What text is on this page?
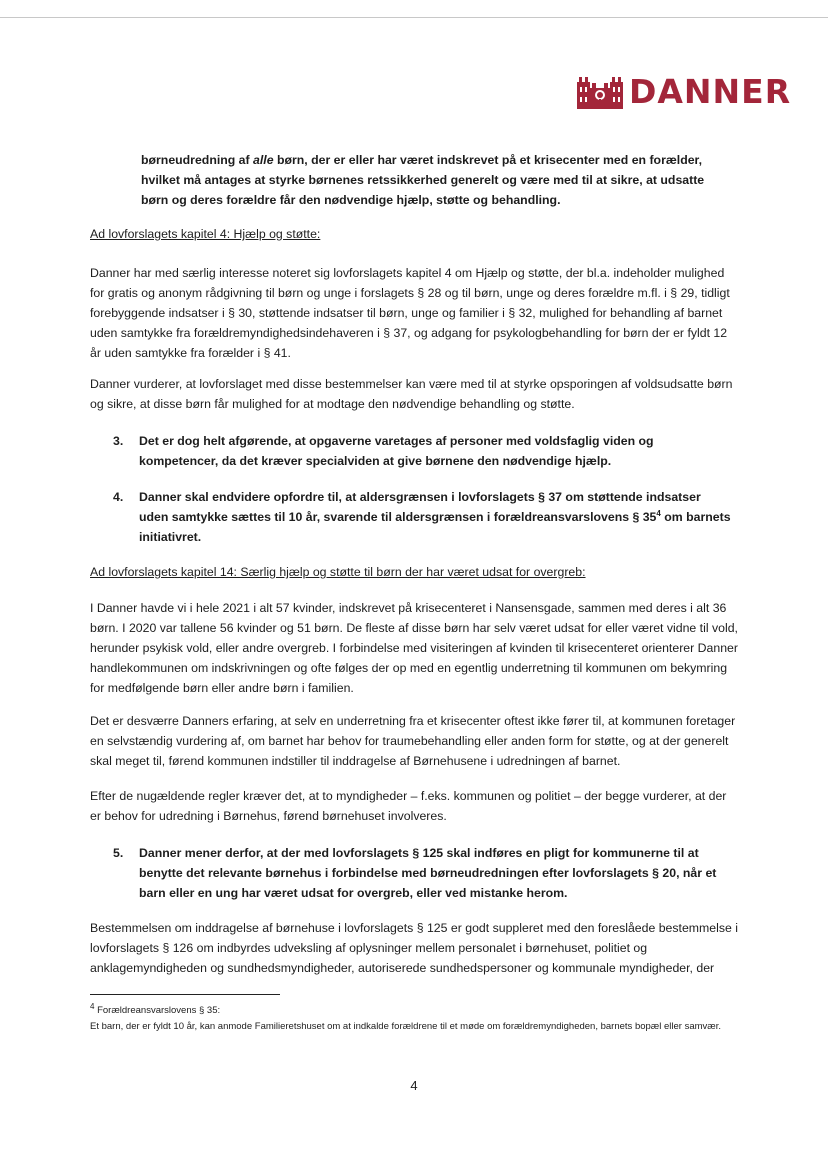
DANNER

børneudredning af alle børn, der er eller har været indskrevet på et krisecenter med en forælder, hvilket må antages at styrke børnenes retssikkerhed generelt og være med til at sikre, at udsatte børn og deres forældre får den nødvendige hjælp, støtte og behandling.

Ad lovforslagets kapitel 4: Hjælp og støtte:

Danner har med særlig interesse noteret sig lovforslagets kapitel 4 om Hjælp og støtte, der bl.a. indeholder mulighed for gratis og anonym rådgivning til børn og unge i forslagets § 28 og til børn, unge og deres forældre m.fl. i § 29, tidligt forebyggende indsatser i § 30, støttende indsatser til børn, unge og familier i § 32, mulighed for behandling af barnet uden samtykke fra forældremyndighedsindehaveren i § 37, og adgang for psykologbehandling for børn der er fyldt 12 år uden samtykke fra forælder i § 41.

Danner vurderer, at lovforslaget med disse bestemmelser kan være med til at styrke opsporingen af voldsudsatte børn og sikre, at disse børn får mulighed for at modtage den nødvendige behandling og støtte.

3.	Det er dog helt afgørende, at opgaverne varetages af personer med voldsfaglig viden og kompetencer, da det kræver specialviden at give børnene den nødvendige hjælp.
4.	Danner skal endvidere opfordre til, at aldersgrænsen i lovforslagets § 37 om støttende indsatser uden samtykke sættes til 10 år, svarende til aldersgrænsen i forældreansvarslovens § $35^4$ om barnets initiativret.

Ad lovforslagets kapitel 14: Særlig hjælp og støtte til børn der har været udsat for overgreb:

I Danner havde vi i hele 2021 i alt 57 kvinder, indskrevet på krisecenteret i Nansensgade, sammen med deres i alt 36 børn. I 2020 var tallene 56 kvinder og 51 børn. De fleste af disse børn har selv været udsat for eller været vidne til vold, herunder psykisk vold, eller andre overgreb. I forbindelse med visiteringen af kvinden til krisecenteret orienterer Danner handlekommunen om indskrivningen og ofte følges der op med en egentlig underretning til kommunen om bekymring for medfølgende børn eller andre børn i familien.

Det er desværre Danners erfaring, at selv en underretning fra et krisecenter oftest ikke fører til, at kommunen foretager en selvstændig vurdering af, om barnet har behov for traumebehandling eller anden form for støtte, og at der generelt skal meget til, førend kommunen indstiller til inddragelse af Børnehusene i udredningen af barnet.

Efter de nugældende regler kræver det, at to myndigheder – f.eks. kommunen og politiet – der begge vurderer, at der er behov for udredning i Børnehus, førend børnehuset involveres.

5.	Danner mener derfor, at der med lovforslagets § 125 skal indføres en pligt for kommunerne til at benytte det relevante børnehus i forbindelse med børneudredningen efter lovforslagets § 20, når et barn eller en ung har været udsat for overgreb, eller ved mistanke herom.

Bestemmelsen om inddragelse af børnehuse i lovforslagets § 125 er godt suppleret med den foreslåede bestemmelse i lovforslagets § 126 om indbyrdes udveksling af oplysninger mellem personalet i børnehuset, politiet og anklagemyndigheden og sundhedsmyndigheder, autoriserede sundhedspersoner og kommunale myndigheder, der

$^4$ Forældreansvarslovens § 35:
Et barn, der er fyldt 10 år, kan anmode Familieretshuset om at indkalde forældrene til et møde om forældremyndigheden, barnets bopæl eller samvær.
4
